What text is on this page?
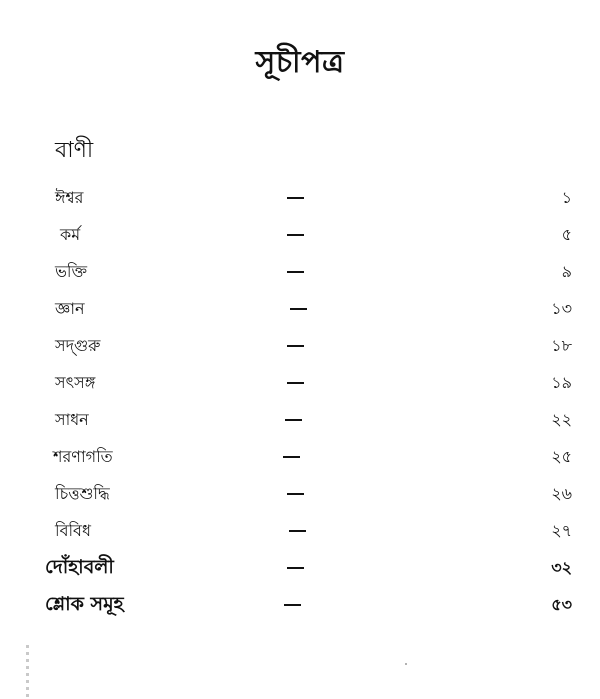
সূচীপত্র
বাণী
ঈশ্বর	১
কর্ম	৫
ভক্তি	৯
জ্ঞান	১৩
সদ্‌গুরু	১৮
সৎসঙ্গ	১৯
সাধন	২২
শরণাগতি	২৫
চিত্তশুদ্ধি	২৬
বিবিধ	২৭
দোঁহাবলী	৩২
শ্লোক সমূহ	৫৩
